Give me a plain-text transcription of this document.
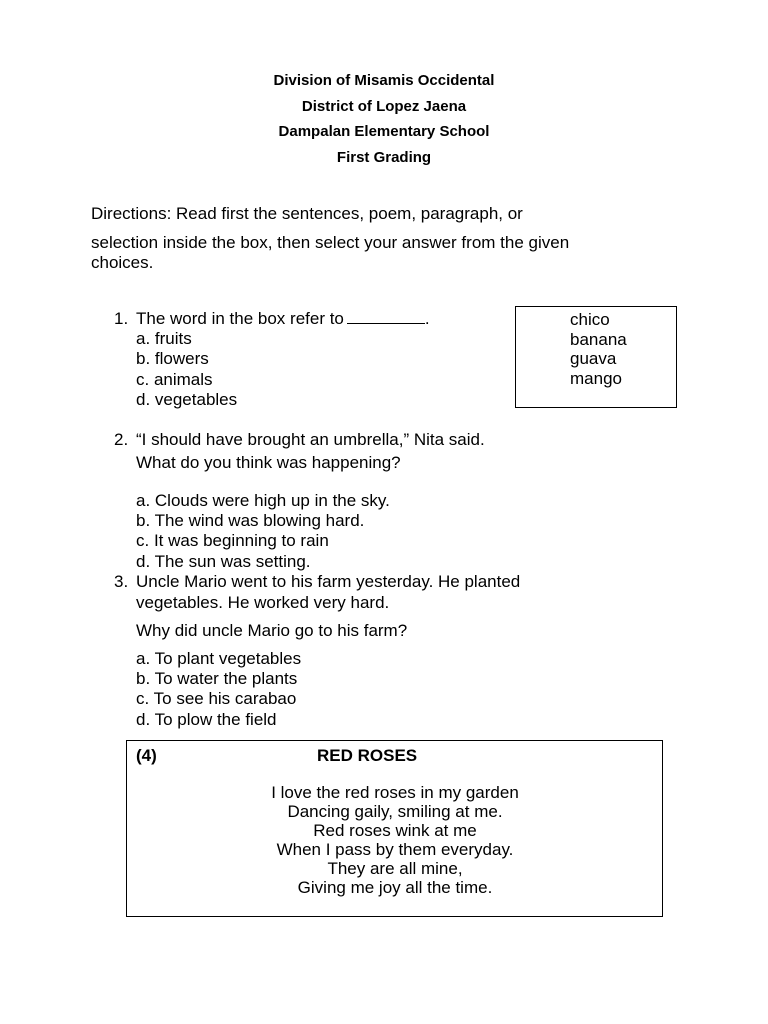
Division of Misamis Occidental
District of Lopez Jaena
Dampalan Elementary School
First Grading
Directions: Read first the sentences, poem, paragraph, or
selection inside the box, then select your answer from the given
choices.
1. The word in the box refer to	.
a. fruits
b. flowers
c. animals
d. vegetables
chico
banana
guava
mango
2. “I should have brought an umbrella,” Nita said.
What do you think was happening?
a. Clouds were high up in the sky.
b. The wind was blowing hard.
c. It was beginning to rain
d. The sun was setting.
3. Uncle Mario went to his farm yesterday. He planted
vegetables. He worked very hard.
Why did uncle Mario go to his farm?
a. To plant vegetables
b. To water the plants
c. To see his carabao
d. To plow the field
(4)	RED ROSES
I love the red roses in my garden
Dancing gaily, smiling at me.
Red roses wink at me
When I pass by them everyday.
They are all mine,
Giving me joy all the time.
